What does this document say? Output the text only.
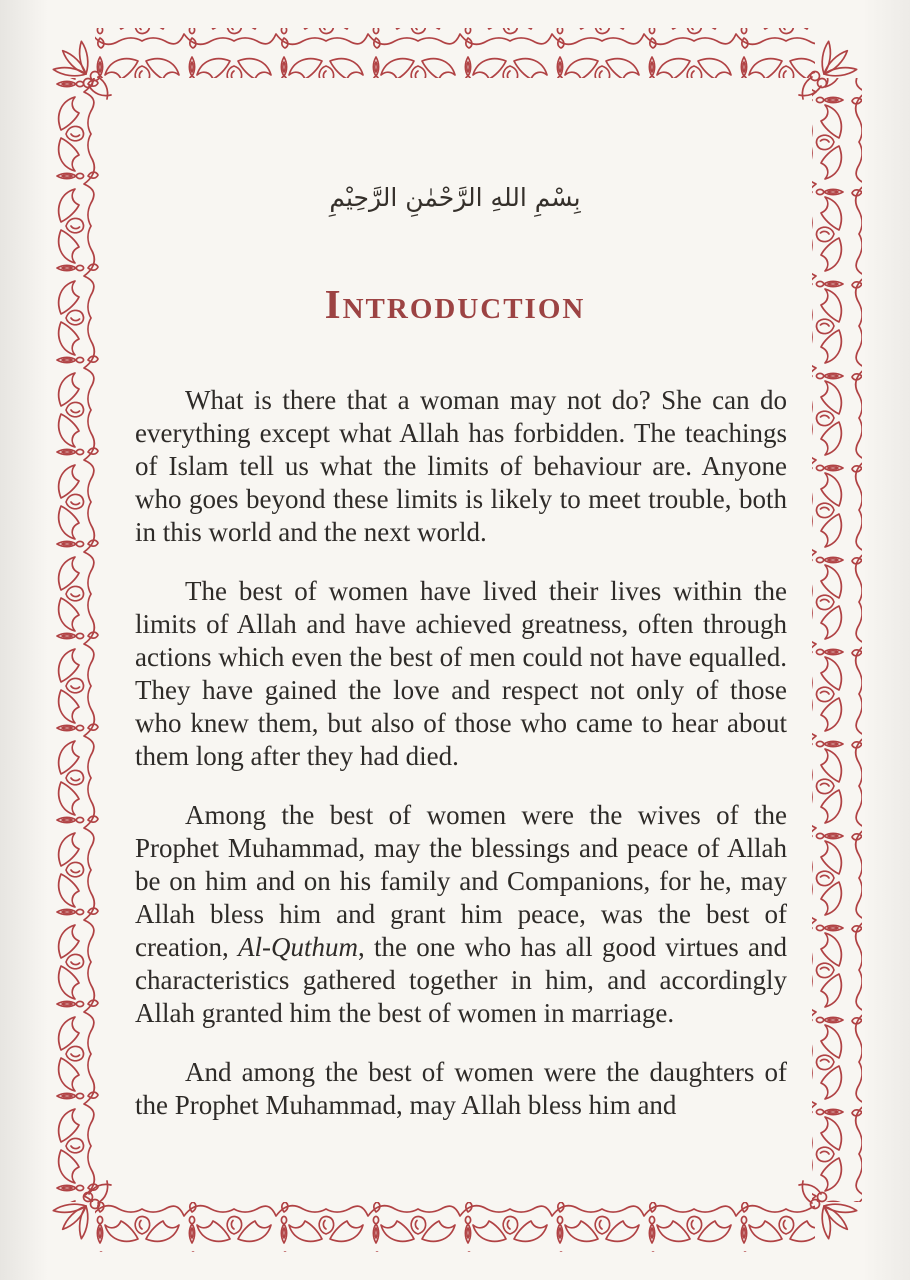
بِسْمِ اللهِ الرَّحْمٰنِ الرَّحِيْمِ
Introduction

What is there that a woman may not do? She can do everything except what Allah has forbidden. The teachings of Islam tell us what the limits of behaviour are. Anyone who goes beyond these limits is likely to meet trouble, both in this world and the next world.

The best of women have lived their lives within the limits of Allah and have achieved greatness, often through actions which even the best of men could not have equalled. They have gained the love and respect not only of those who knew them, but also of those who came to hear about them long after they had died.

Among the best of women were the wives of the Prophet Muhammad, may the blessings and peace of Allah be on him and on his family and Companions, for he, may Allah bless him and grant him peace, was the best of creation, Al-Quthum, the one who has all good virtues and characteristics gathered together in him, and accordingly Allah granted him the best of women in marriage.

And among the best of women were the daughters of the Prophet Muhammad, may Allah bless him and
